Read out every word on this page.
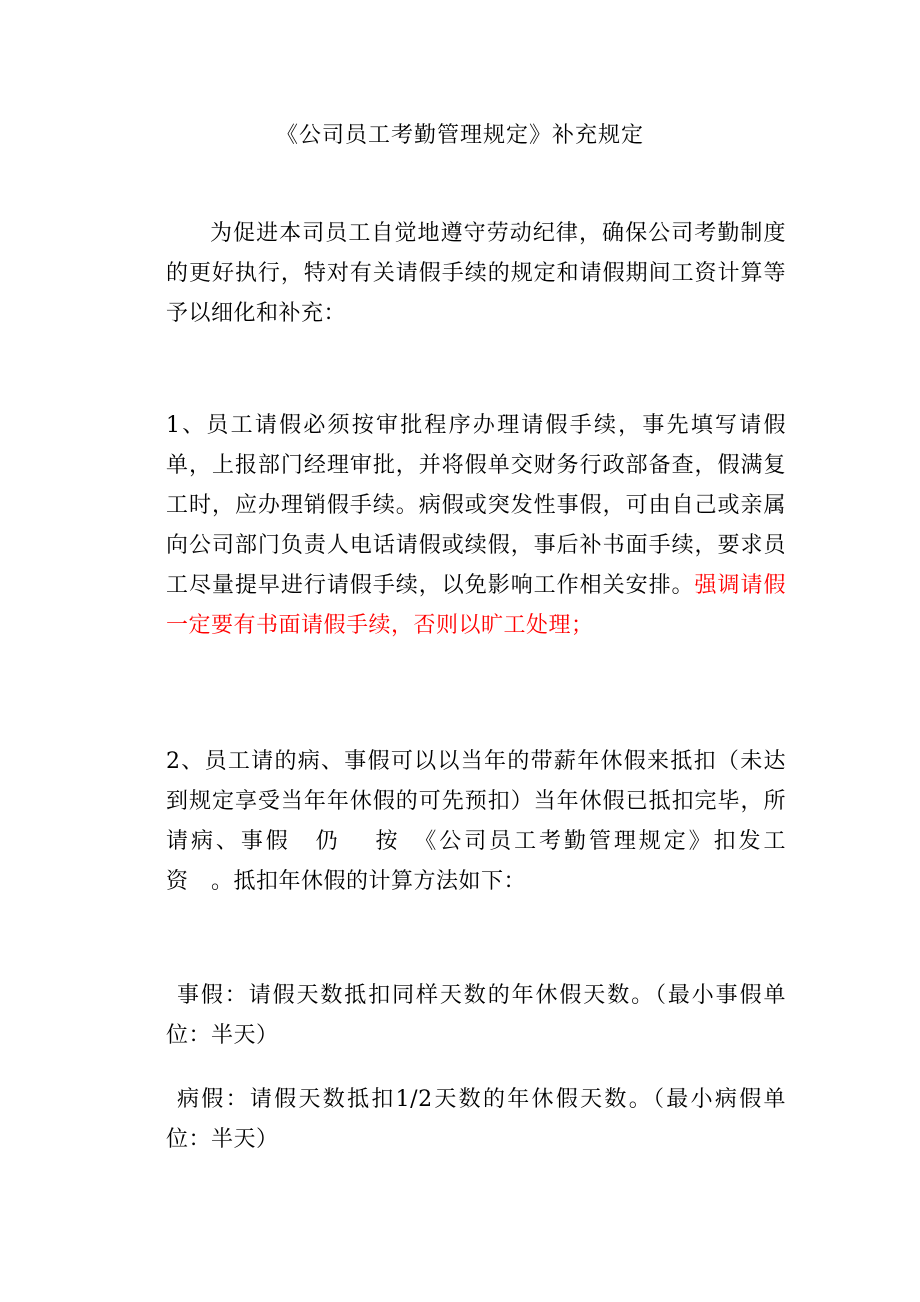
《公司员工考勤管理规定》补充规定
为促进本司员工自觉地遵守劳动纪律，确保公司考勤制度的更好执行，特对有关请假手续的规定和请假期间工资计算等予以细化和补充：
1、员工请假必须按审批程序办理请假手续，事先填写请假单，上报部门经理审批，并将假单交财务行政部备查，假满复工时，应办理销假手续。病假或突发性事假，可由自己或亲属向公司部门负责人电话请假或续假，事后补书面手续，要求员工尽量提早进行请假手续，以免影响工作相关安排。强调请假一定要有书面请假手续，否则以旷工处理；
2、员工请的病、事假可以以当年的带薪年休假来抵扣（未达到规定享受当年年休假的可先预扣）当年休假已抵扣完毕，所请病、事假　仍　 按　《公司员工考勤管理规定》扣发工资　。抵扣年休假的计算方法如下：
事假：请假天数抵扣同样天数的年休假天数。（最小事假单位：半天）
病假：请假天数抵扣1/2天数的年休假天数。（最小病假单位：半天）
